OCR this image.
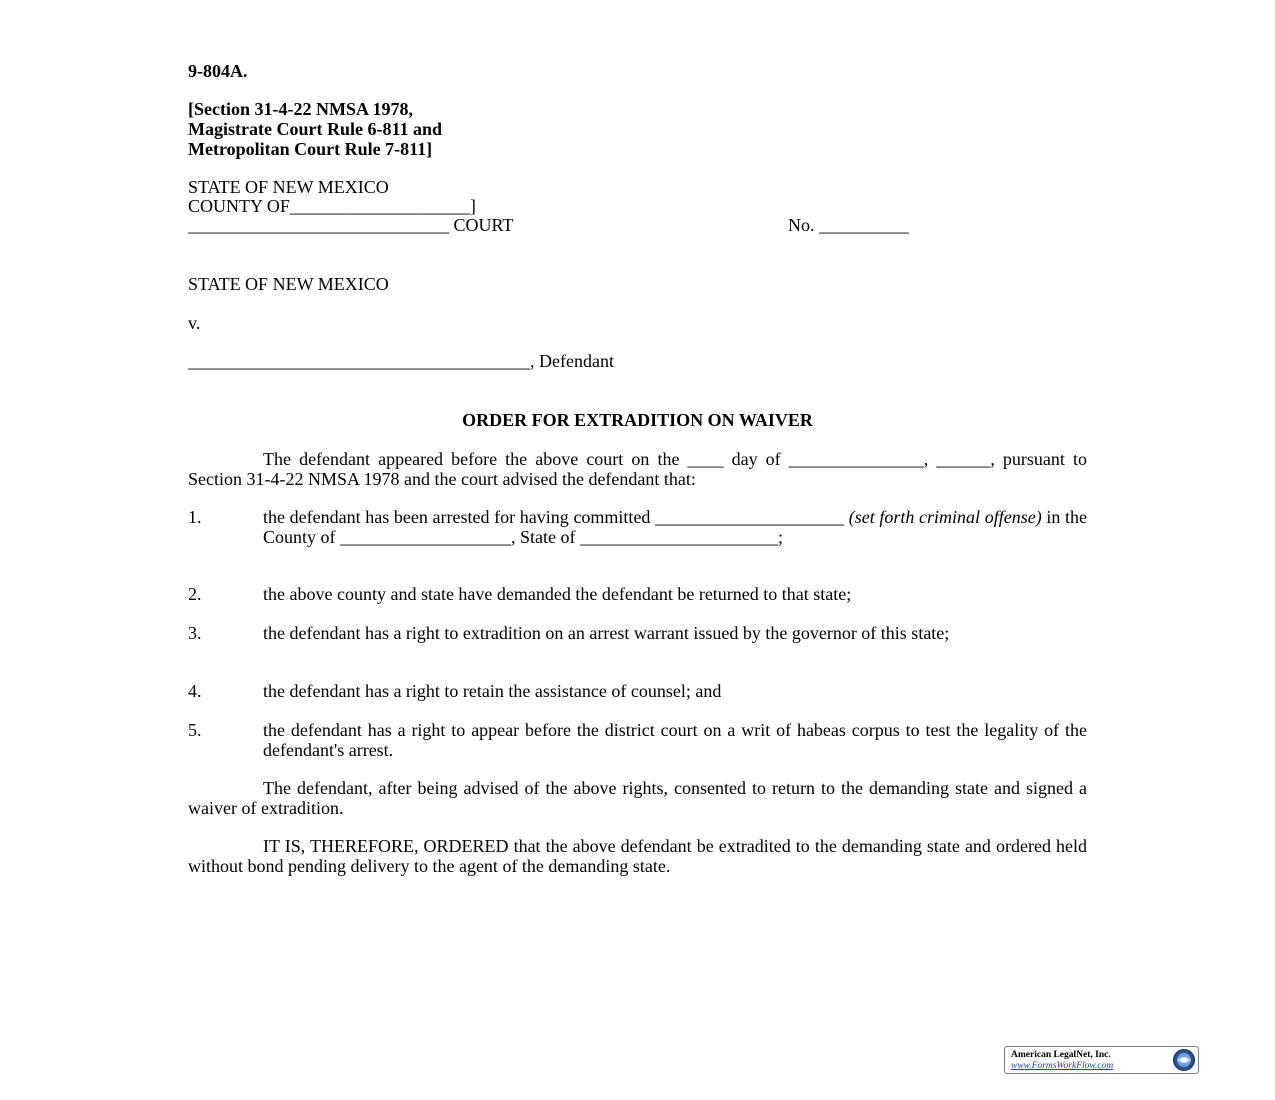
9-804A.
[Section 31-4-22 NMSA 1978,
Magistrate Court Rule 6-811 and
Metropolitan Court Rule 7-811]
STATE OF NEW MEXICO
COUNTY OF____________________]
_____________________________ COURT	No. __________
STATE OF NEW MEXICO
v.
______________________________________, Defendant
ORDER FOR EXTRADITION ON WAIVER
The defendant appeared before the above court on the ____ day of _______________, ______, pursuant to Section 31-4-22 NMSA 1978 and the court advised the defendant that:
1.	the defendant has been arrested for having committed _____________________ (set forth criminal offense) in the County of ___________________, State of ______________________;
2.	the above county and state have demanded the defendant be returned to that state;
3.	the defendant has a right to extradition on an arrest warrant issued by the governor of this state;
4.	the defendant has a right to retain the assistance of counsel; and
5.	the defendant has a right to appear before the district court on a writ of habeas corpus to test the legality of the defendant's arrest.
The defendant, after being advised of the above rights, consented to return to the demanding state and signed a waiver of extradition.
IT IS, THEREFORE, ORDERED that the above defendant be extradited to the demanding state and ordered held without bond pending delivery to the agent of the demanding state.
American LegalNet, Inc.
www.FormsWorkFlow.com
